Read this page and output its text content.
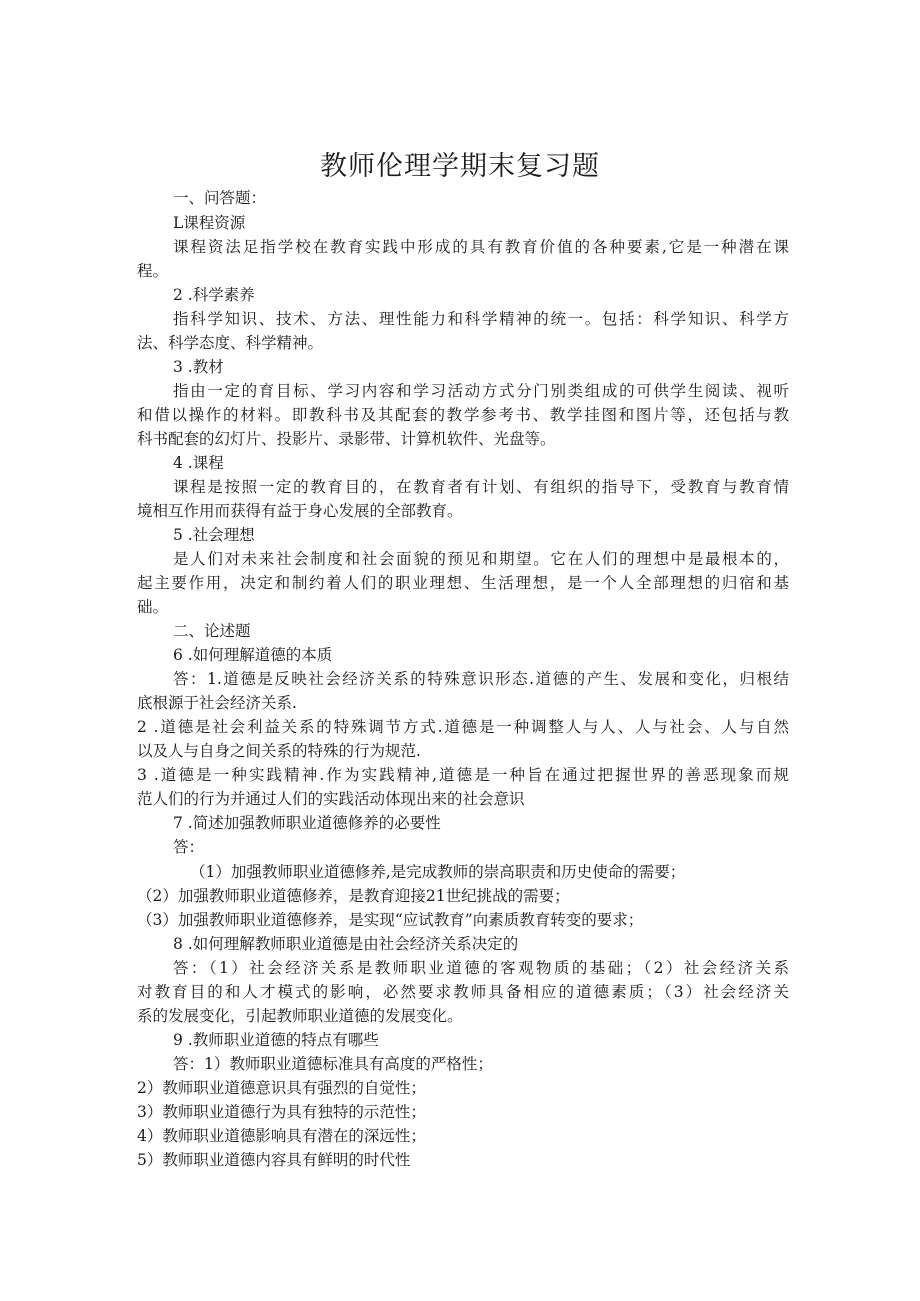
教师伦理学期末复习题
一、问答题：
L课程资源
课程资法足指学校在教育实践中形成的具有教育价值的各种要素,它是一种潜在课
程。
2 .科学素养
指科学知识、技术、方法、理性能力和科学精神的统一。包括：科学知识、科学方
法、科学态度、科学精神。
3 .教材
指由一定的育目标、学习内容和学习活动方式分门别类组成的可供学生阅读、视听
和借以操作的材料。即教科书及其配套的教学参考书、教学挂图和图片等，还包括与教
科书配套的幻灯片、投影片、录影带、计算机软件、光盘等。
4 .课程
课程是按照一定的教育目的，在教育者有计划、有组织的指导下，受教育与教育情
境相互作用而获得有益于身心发展的全部教育。
5 .社会理想
是人们对未来社会制度和社会面貌的预见和期望。它在人们的理想中是最根本的，
起主要作用，决定和制约着人们的职业理想、生活理想，是一个人全部理想的归宿和基
础。
二、论述题
6 .如何理解道德的本质
答：1.道德是反映社会经济关系的特殊意识形态.道德的产生、发展和变化，归根结
底根源于社会经济关系.
2 .道德是社会利益关系的特殊调节方式.道德是一种调整人与人、人与社会、人与自然
以及人与自身之间关系的特殊的行为规范.
3 .道德是一种实践精神.作为实践精神,道德是一种旨在通过把握世界的善恶现象而规
范人们的行为并通过人们的实践活动体现出来的社会意识
7 .简述加强教师职业道德修养的必要性
答：
（1）加强教师职业道德修养,是完成教师的崇高职责和历史使命的需要；
（2）加强教师职业道德修养，是教育迎接21世纪挑战的需要；
（3）加强教师职业道德修养，是实现“应试教育”向素质教育转变的要求；
8 .如何理解教师职业道德是由社会经济关系决定的
答：（1）社会经济关系是教师职业道德的客观物质的基础；（2）社会经济关系
对教育目的和人才模式的影响，必然要求教师具备相应的道德素质；（3）社会经济关
系的发展变化，引起教师职业道德的发展变化。
9 .教师职业道德的特点有哪些
答：1）教师职业道德标准具有高度的严格性；
2）教师职业道德意识具有强烈的自觉性；
3）教师职业道德行为具有独特的示范性；
4）教师职业道德影响具有潜在的深远性；
5）教师职业道德内容具有鲜明的时代性
